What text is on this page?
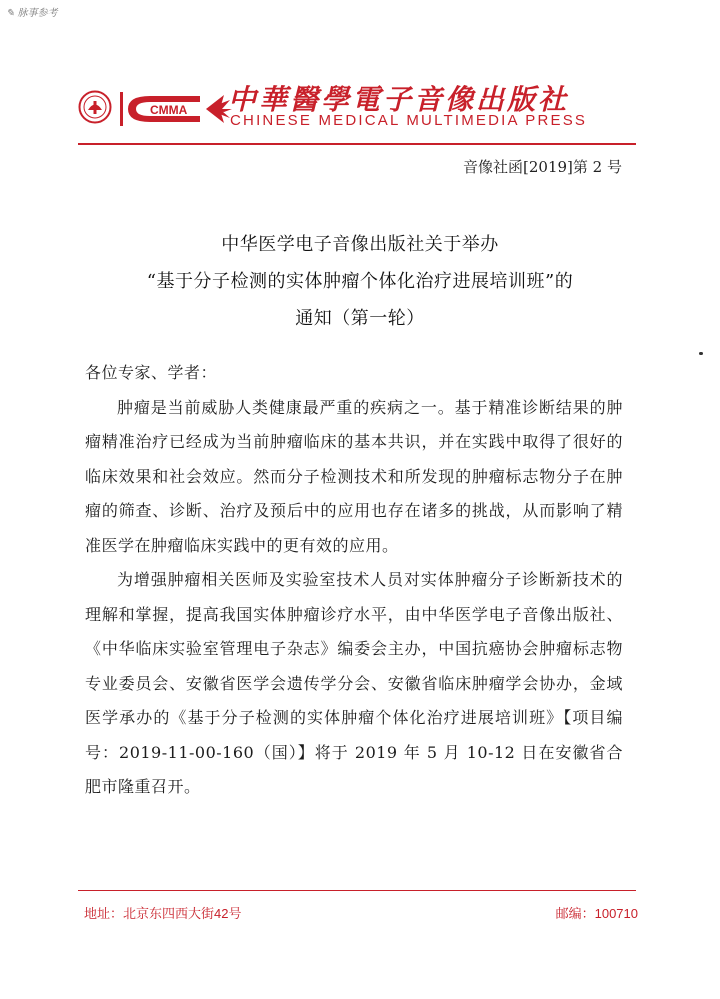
✎ 脉事参考
CMMA 中華醫學電子音像出版社
CHINESE MEDICAL MULTIMEDIA PRESS
音像社函[2019]第 2 号
中华医学电子音像出版社关于举办
“基于分子检测的实体肿瘤个体化治疗进展培训班”的
通知（第一轮）

各位专家、学者：

肿瘤是当前威胁人类健康最严重的疾病之一。基于精准诊断结果的肿瘤精准治疗已经成为当前肿瘤临床的基本共识，并在实践中取得了很好的临床效果和社会效应。然而分子检测技术和所发现的肿瘤标志物分子在肿瘤的筛查、诊断、治疗及预后中的应用也存在诸多的挑战，从而影响了精准医学在肿瘤临床实践中的更有效的应用。

为增强肿瘤相关医师及实验室技术人员对实体肿瘤分子诊断新技术的理解和掌握，提高我国实体肿瘤诊疗水平，由中华医学电子音像出版社、《中华临床实验室管理电子杂志》编委会主办，中国抗癌协会肿瘤标志物专业委员会、安徽省医学会遗传学分会、安徽省临床肿瘤学会协办，金域医学承办的《基于分子检测的实体肿瘤个体化治疗进展培训班》【项目编号：2019-11-00-160（国）】将于 2019 年 5 月 10-12 日在安徽省合肥市隆重召开。

地址：北京东四西大街42号	邮编：100710
